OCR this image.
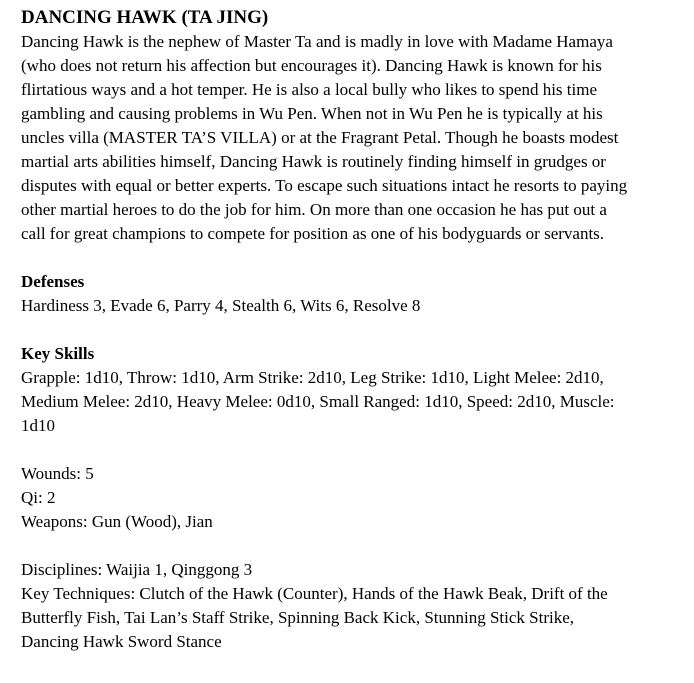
DANCING HAWK (TA JING)
Dancing Hawk is the nephew of Master Ta and is madly in love with Madame Hamaya
(who does not return his affection but encourages it). Dancing Hawk is known for his
flirtatious ways and a hot temper. He is also a local bully who likes to spend his time
gambling and causing problems in Wu Pen. When not in Wu Pen he is typically at his
uncles villa (MASTER TA’S VILLA) or at the Fragrant Petal. Though he boasts modest
martial arts abilities himself, Dancing Hawk is routinely finding himself in grudges or
disputes with equal or better experts. To escape such situations intact he resorts to paying
other martial heroes to do the job for him. On more than one occasion he has put out a
call for great champions to compete for position as one of his bodyguards or servants.
Defenses
Hardiness 3, Evade 6, Parry 4, Stealth 6, Wits 6, Resolve 8
Key Skills
Grapple: 1d10, Throw: 1d10, Arm Strike: 2d10, Leg Strike: 1d10, Light Melee: 2d10,
Medium Melee: 2d10, Heavy Melee: 0d10, Small Ranged: 1d10, Speed: 2d10, Muscle:
1d10
Wounds: 5
Qi: 2
Weapons: Gun (Wood), Jian
Disciplines: Waijia 1, Qinggong 3
Key Techniques: Clutch of the Hawk (Counter), Hands of the Hawk Beak, Drift of the
Butterfly Fish, Tai Lan’s Staff Strike, Spinning Back Kick, Stunning Stick Strike,
Dancing Hawk Sword Stance
